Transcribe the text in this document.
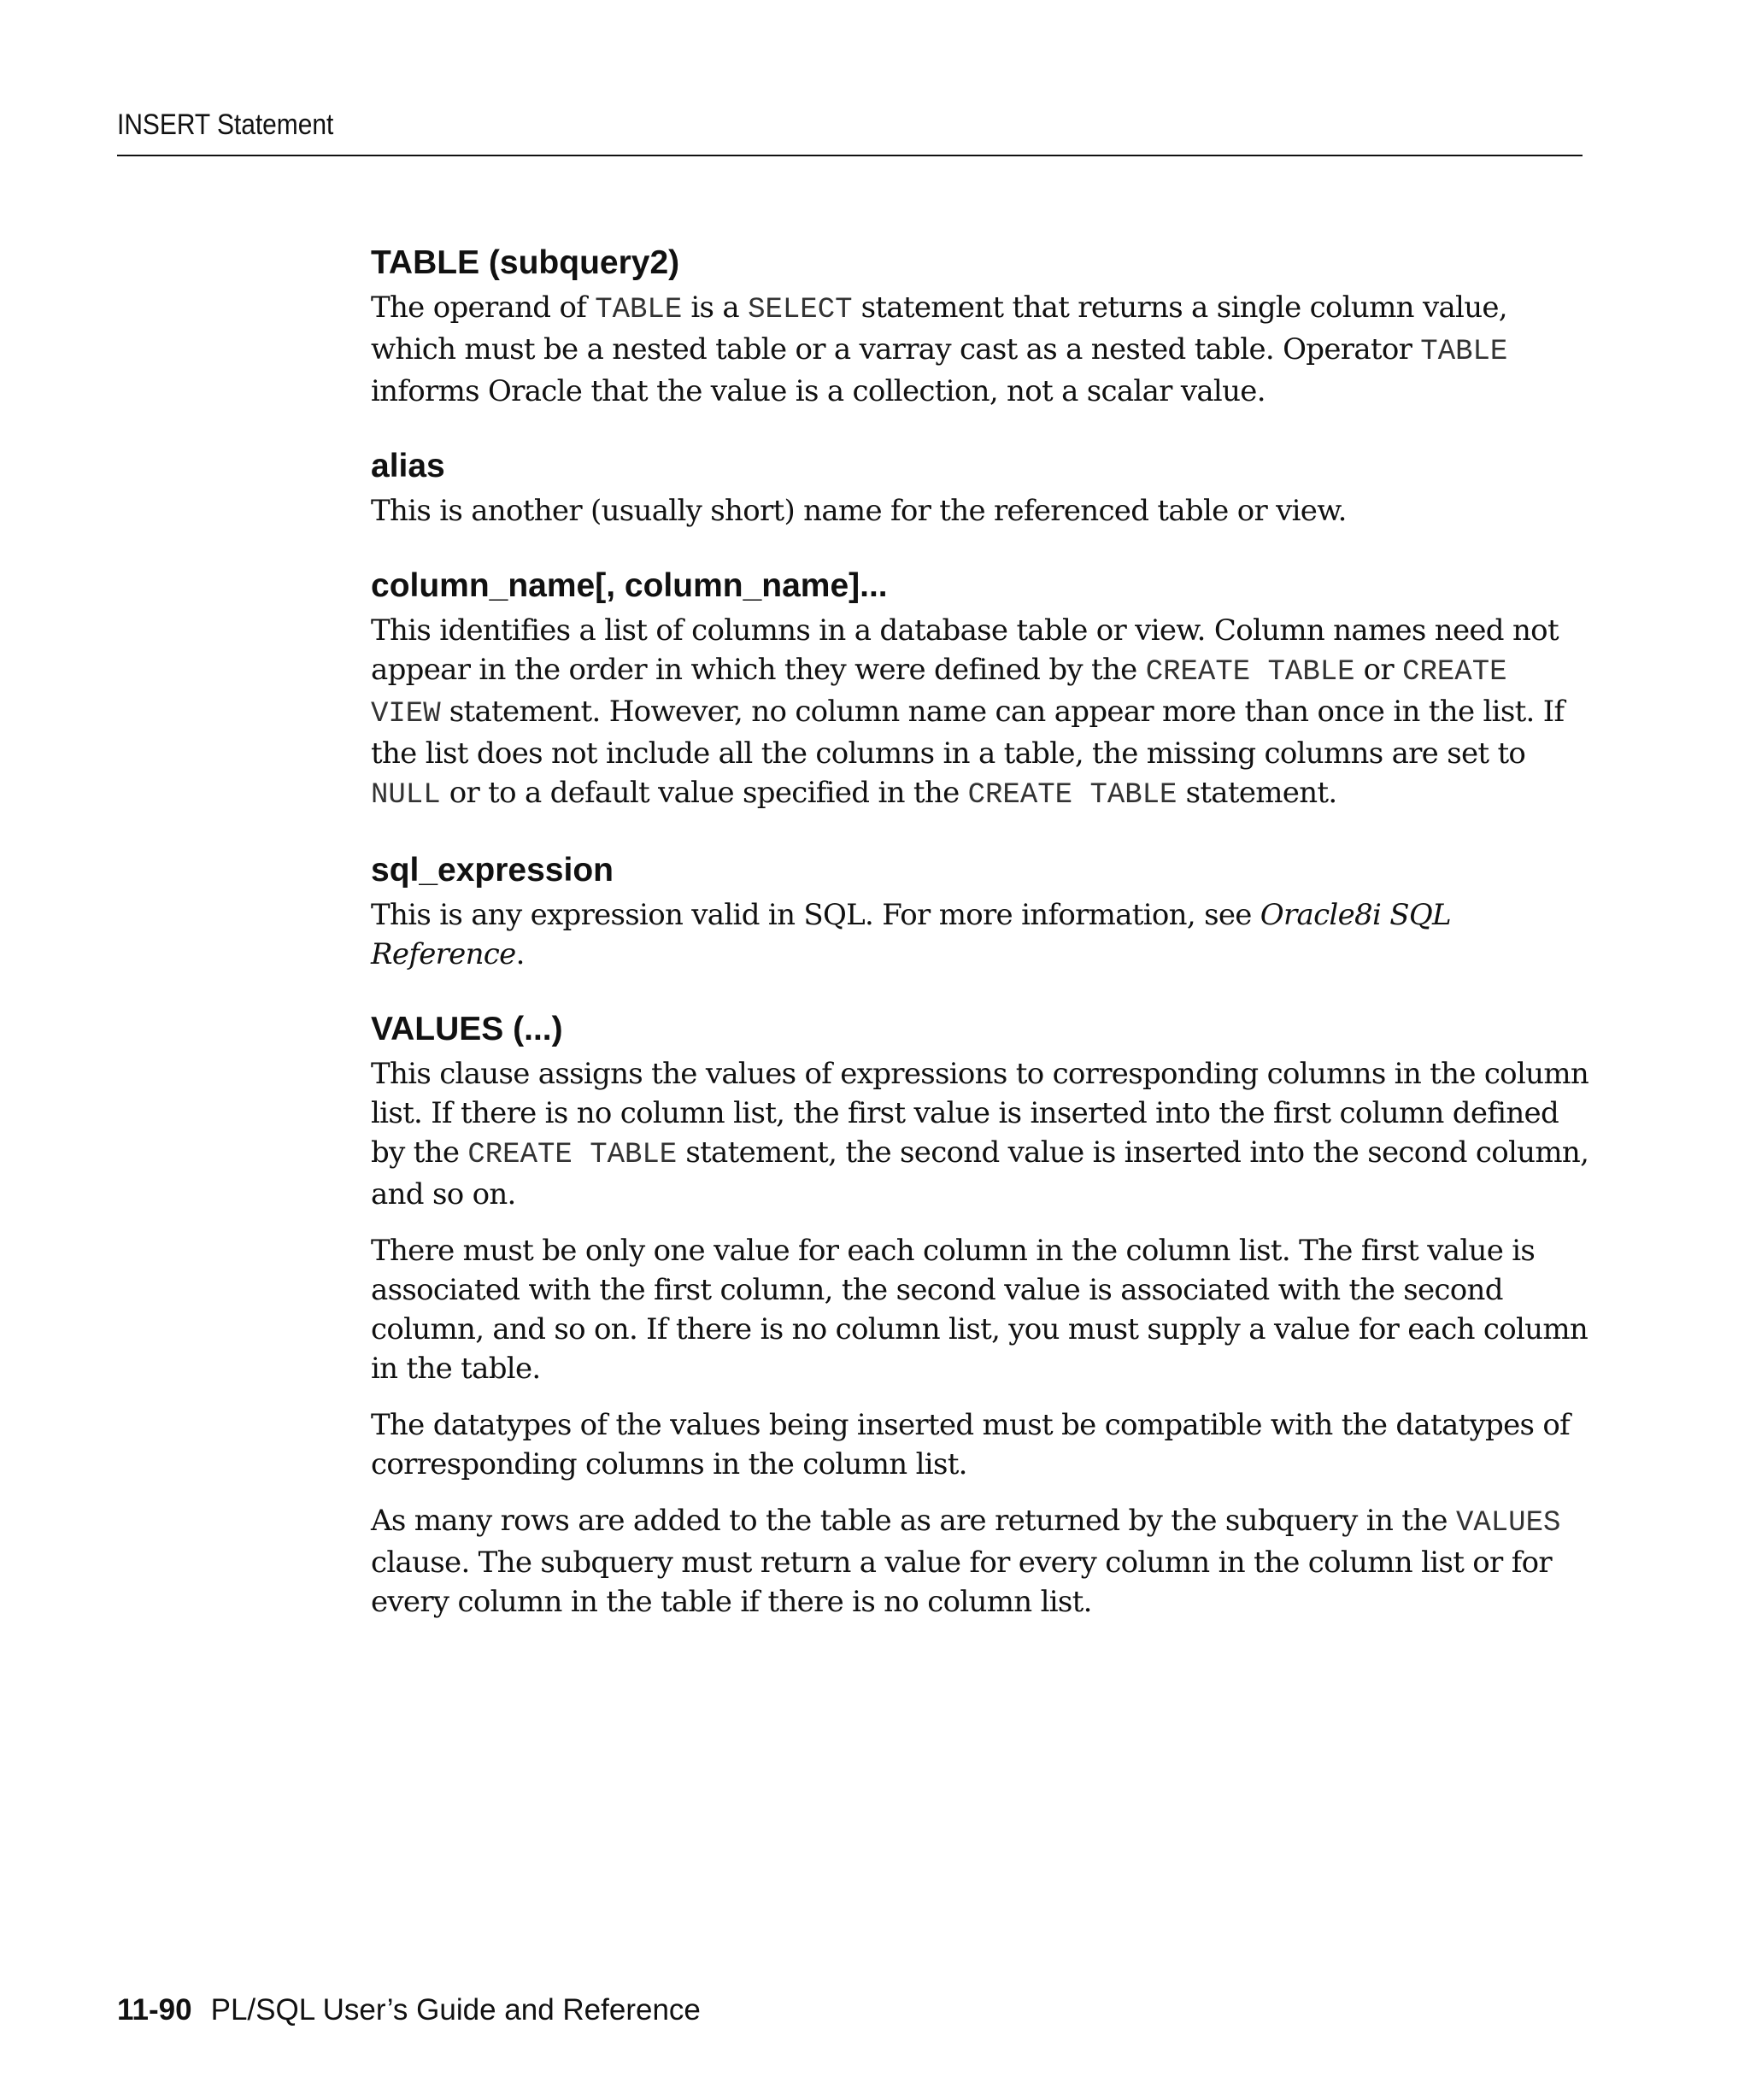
INSERT Statement
TABLE (subquery2)

The operand of TABLE is a SELECT statement that returns a single column value, which must be a nested table or a varray cast as a nested table. Operator TABLE informs Oracle that the value is a collection, not a scalar value.

alias

This is another (usually short) name for the referenced table or view.

column_name[, column_name]...

This identifies a list of columns in a database table or view. Column names need not appear in the order in which they were defined by the CREATE TABLE or CREATE VIEW statement. However, no column name can appear more than once in the list. If the list does not include all the columns in a table, the missing columns are set to NULL or to a default value specified in the CREATE TABLE statement.

sql_expression

This is any expression valid in SQL. For more information, see Oracle8i SQL Reference.

VALUES (...)

This clause assigns the values of expressions to corresponding columns in the column list. If there is no column list, the first value is inserted into the first column defined by the CREATE TABLE statement, the second value is inserted into the second column, and so on.

There must be only one value for each column in the column list. The first value is associated with the first column, the second value is associated with the second column, and so on. If there is no column list, you must supply a value for each column in the table.

The datatypes of the values being inserted must be compatible with the datatypes of corresponding columns in the column list.

As many rows are added to the table as are returned by the subquery in the VALUES clause. The subquery must return a value for every column in the column list or for every column in the table if there is no column list.

11-90 PL/SQL User’s Guide and Reference
